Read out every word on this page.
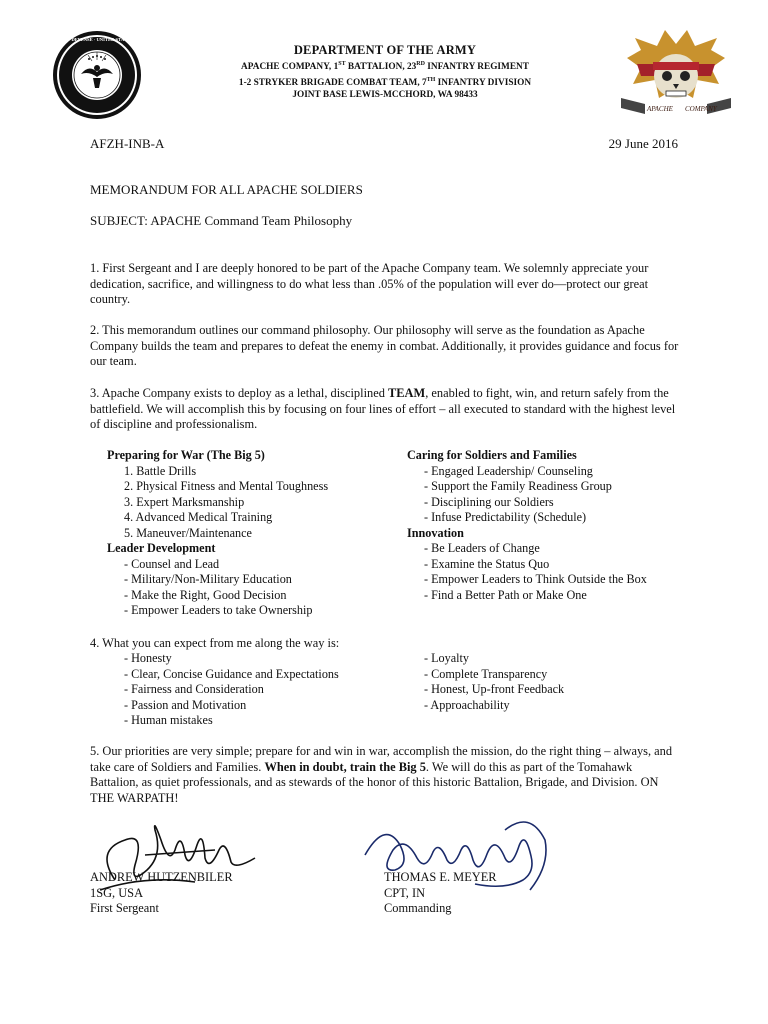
DEPARTMENT OF DEFENSE · UNITED STATES OF AMERICA
DEPARTMENT OF THE ARMY
APACHE COMPANY, 1ST BATTALION, 23RD INFANTRY REGIMENT
1-2 STRYKER BRIGADE COMBAT TEAM, 7TH INFANTRY DIVISION
JOINT BASE LEWIS-MCCHORD, WA 98433
APACHE COMPANY
AFZH-INB-A	29 June 2016
MEMORANDUM FOR ALL APACHE SOLDIERS
SUBJECT: APACHE Command Team Philosophy
1. First Sergeant and I are deeply honored to be part of the Apache Company team. We solemnly appreciate your dedication, sacrifice, and willingness to do what less than .05% of the population will ever do—protect our great country.
2. This memorandum outlines our command philosophy. Our philosophy will serve as the foundation as Apache Company builds the team and prepares to defeat the enemy in combat. Additionally, it provides guidance and focus for our team.
3. Apache Company exists to deploy as a lethal, disciplined TEAM, enabled to fight, win, and return safely from the battlefield. We will accomplish this by focusing on four lines of effort – all executed to standard with the highest level of discipline and professionalism.
Preparing for War (The Big 5)
1. Battle Drills
2. Physical Fitness and Mental Toughness
3. Expert Marksmanship
4. Advanced Medical Training
5. Maneuver/Maintenance
Leader Development
- Counsel and Lead
- Military/Non-Military Education
- Make the Right, Good Decision
- Empower Leaders to take Ownership
Caring for Soldiers and Families
- Engaged Leadership/ Counseling
- Support the Family Readiness Group
- Disciplining our Soldiers
- Infuse Predictability (Schedule)
Innovation
- Be Leaders of Change
- Examine the Status Quo
- Empower Leaders to Think Outside the Box
- Find a Better Path or Make One
4. What you can expect from me along the way is:
- Honesty
- Clear, Concise Guidance and Expectations
- Fairness and Consideration
- Passion and Motivation
- Human mistakes
- Loyalty
- Complete Transparency
- Honest, Up-front Feedback
- Approachability
5. Our priorities are very simple; prepare for and win in war, accomplish the mission, do the right thing – always, and take care of Soldiers and Families. When in doubt, train the Big 5. We will do this as part of the Tomahawk Battalion, as quiet professionals, and as stewards of the honor of this historic Battalion, Brigade, and Division. ON THE WARPATH!
ANDREW HUTZENBILER
1SG, USA
First Sergeant
THOMAS E. MEYER
CPT, IN
Commanding
